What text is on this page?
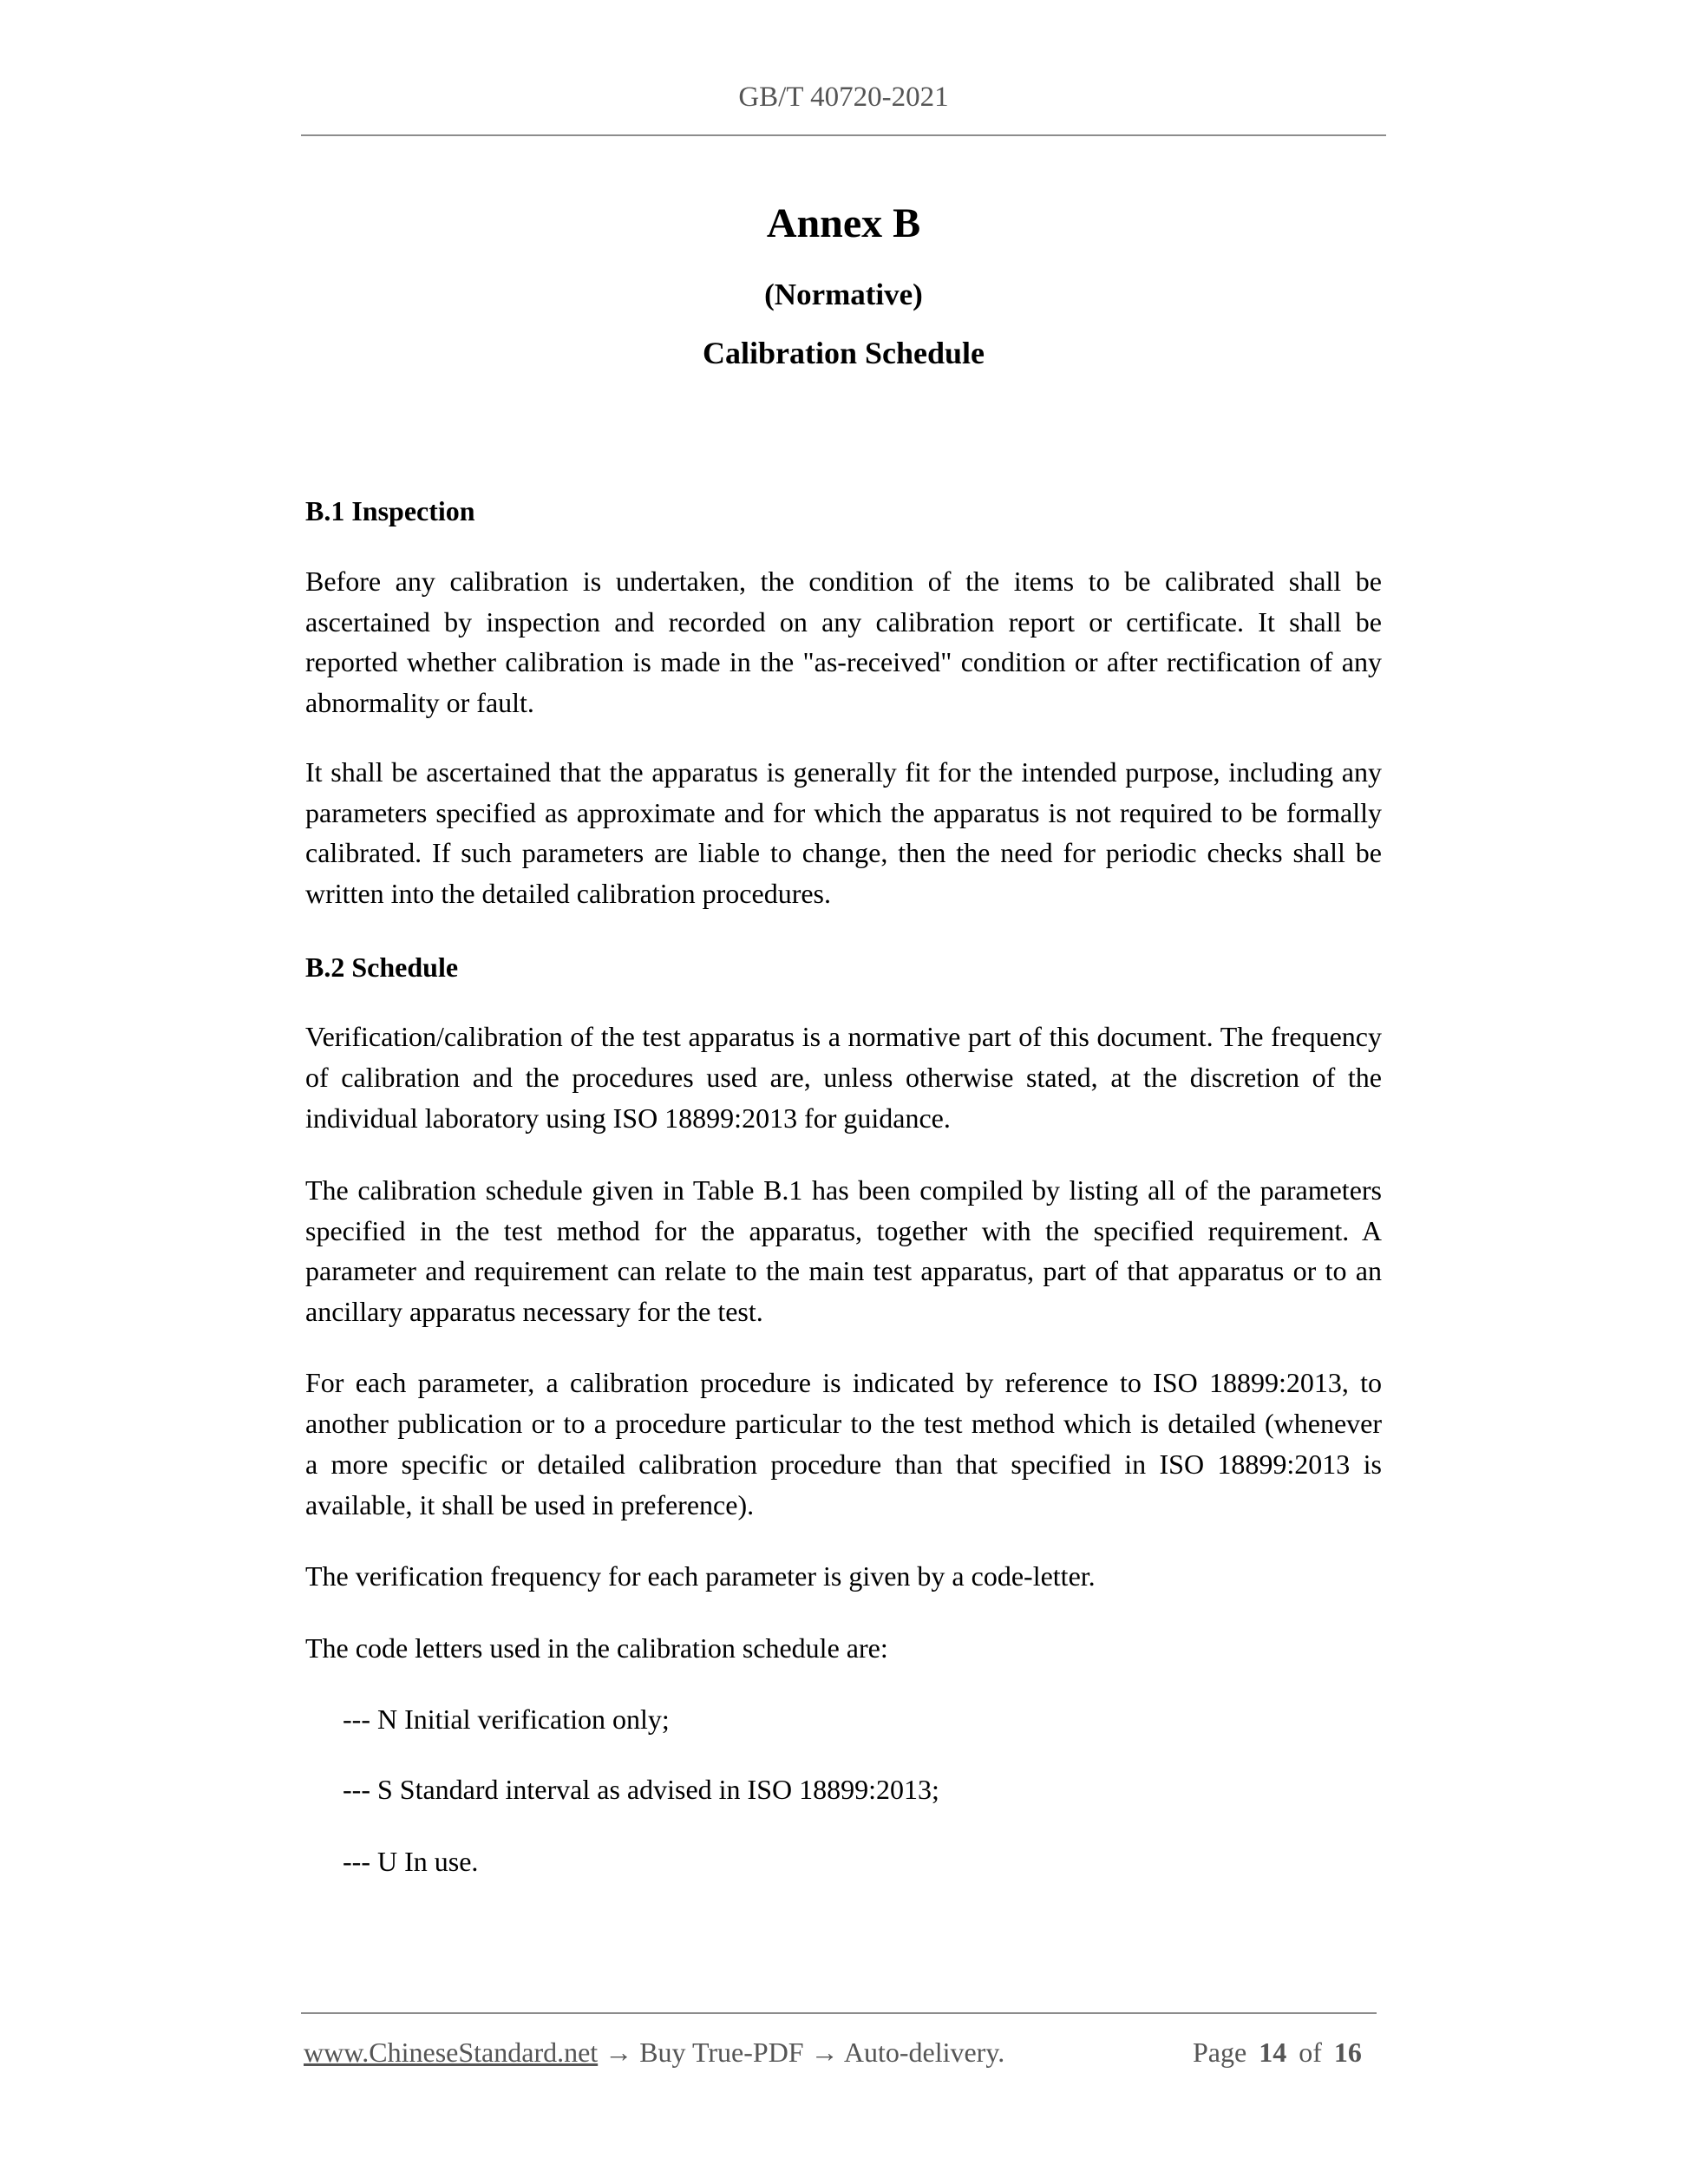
GB/T 40720-2021
Annex B
(Normative)
Calibration Schedule
B.1 Inspection
Before any calibration is undertaken, the condition of the items to be calibrated shall be
ascertained by inspection and recorded on any calibration report or certificate. It shall be
reported whether calibration is made in the "as-received" condition or after rectification of any
abnormality or fault.
It shall be ascertained that the apparatus is generally fit for the intended purpose, including any
parameters specified as approximate and for which the apparatus is not required to be formally
calibrated. If such parameters are liable to change, then the need for periodic checks shall be
written into the detailed calibration procedures.
B.2 Schedule
Verification/calibration of the test apparatus is a normative part of this document. The frequency
of calibration and the procedures used are, unless otherwise stated, at the discretion of the
individual laboratory using ISO 18899:2013 for guidance.
The calibration schedule given in Table B.1 has been compiled by listing all of the parameters
specified in the test method for the apparatus, together with the specified requirement. A
parameter and requirement can relate to the main test apparatus, part of that apparatus or to an
ancillary apparatus necessary for the test.
For each parameter, a calibration procedure is indicated by reference to ISO 18899:2013, to
another publication or to a procedure particular to the test method which is detailed (whenever
a more specific or detailed calibration procedure than that specified in ISO 18899:2013 is
available, it shall be used in preference).
The verification frequency for each parameter is given by a code-letter.
The code letters used in the calibration schedule are:
--- N Initial verification only;
--- S Standard interval as advised in ISO 18899:2013;
--- U In use.
www.ChineseStandard.net → Buy True-PDF → Auto-delivery.	Page 14 of 16
